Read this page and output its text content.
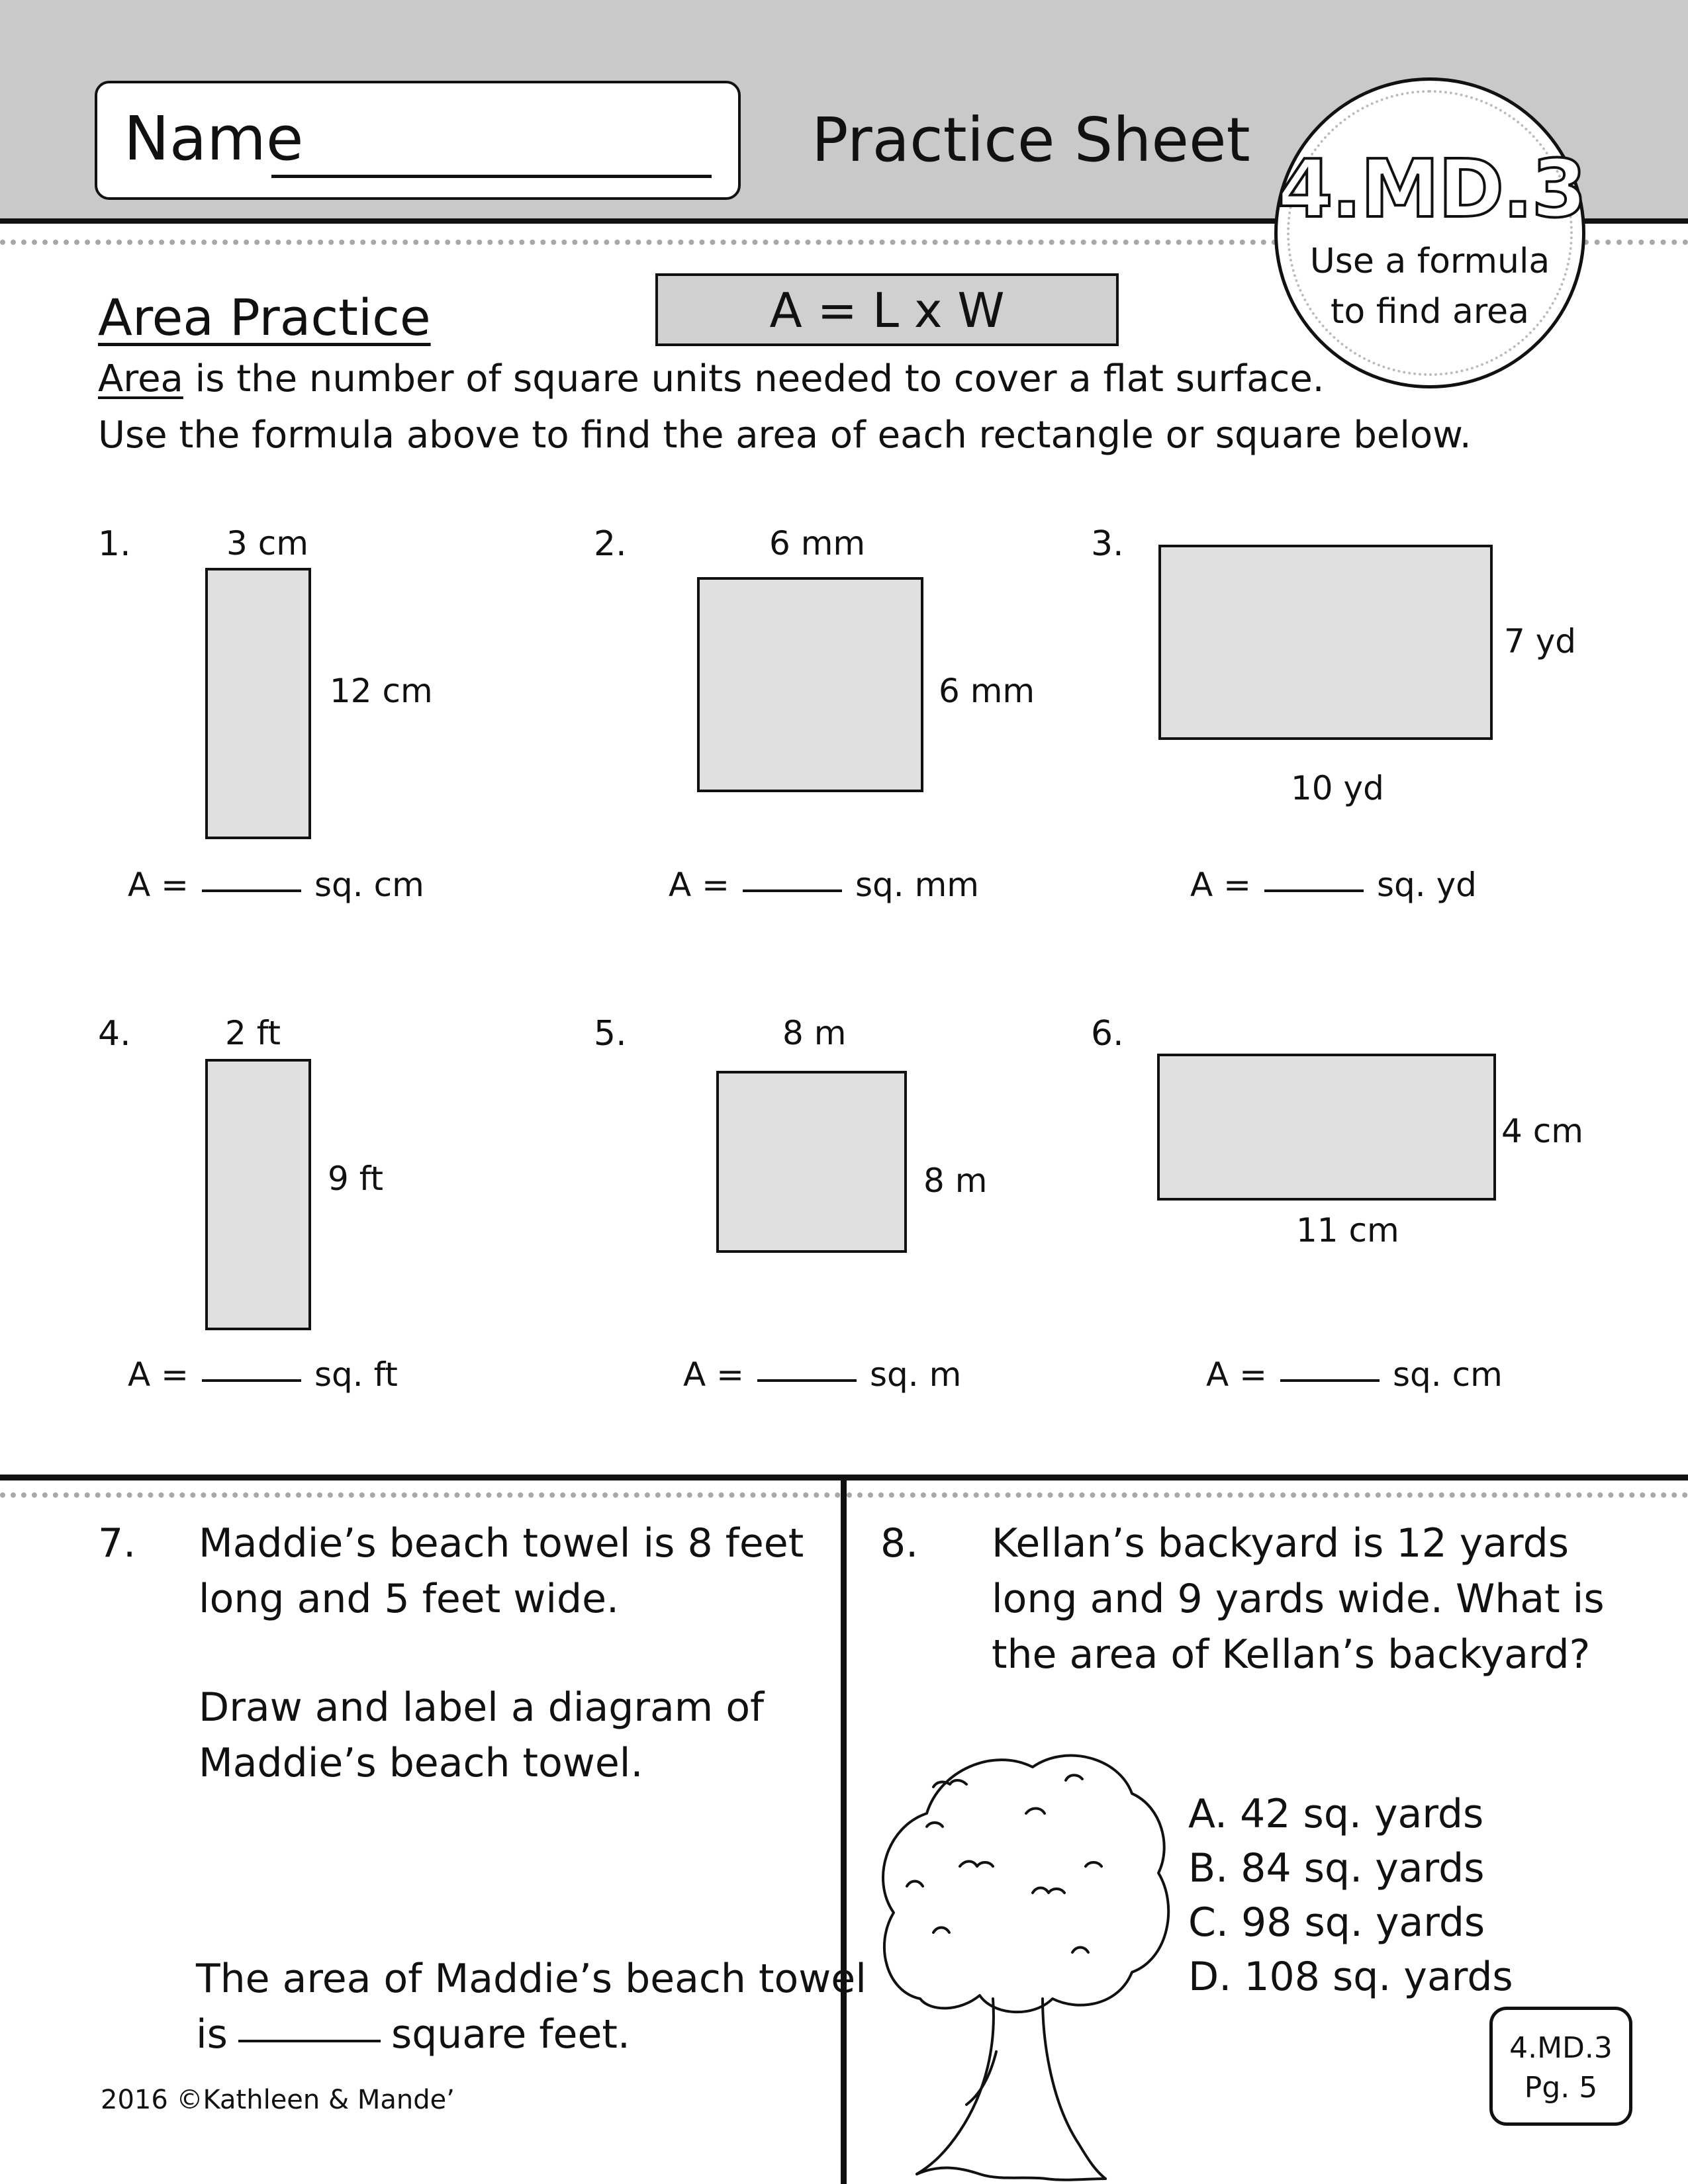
Name	Practice Sheet
4.MD.3
Use a formula
to find area
Area Practice	A = L x W
Area is the number of square units needed to cover a flat surface.
Use the formula above to find the area of each rectangle or square below.
1.	3 cm
12 cm
A =	sq. cm
2.	6 mm
6 mm
A =	sq. mm
3.
7 yd
10 yd
A =	sq. yd
4.	2 ft
9 ft
A =	sq. ft
5.	8 m
8 m
A =	sq. m
6.
4 cm
11 cm
A =	sq. cm
7. Maddie’s beach towel is 8 feet
long and 5 feet wide.
Draw and label a diagram of
Maddie’s beach towel.
The area of Maddie’s beach towel
is	square feet.
8. Kellan’s backyard is 12 yards
long and 9 yards wide. What is
the area of Kellan’s backyard?
A. 42 sq. yards
B. 84 sq. yards
C. 98 sq. yards
D. 108 sq. yards
2016 ©Kathleen & Mande’
4.MD.3
Pg. 5
